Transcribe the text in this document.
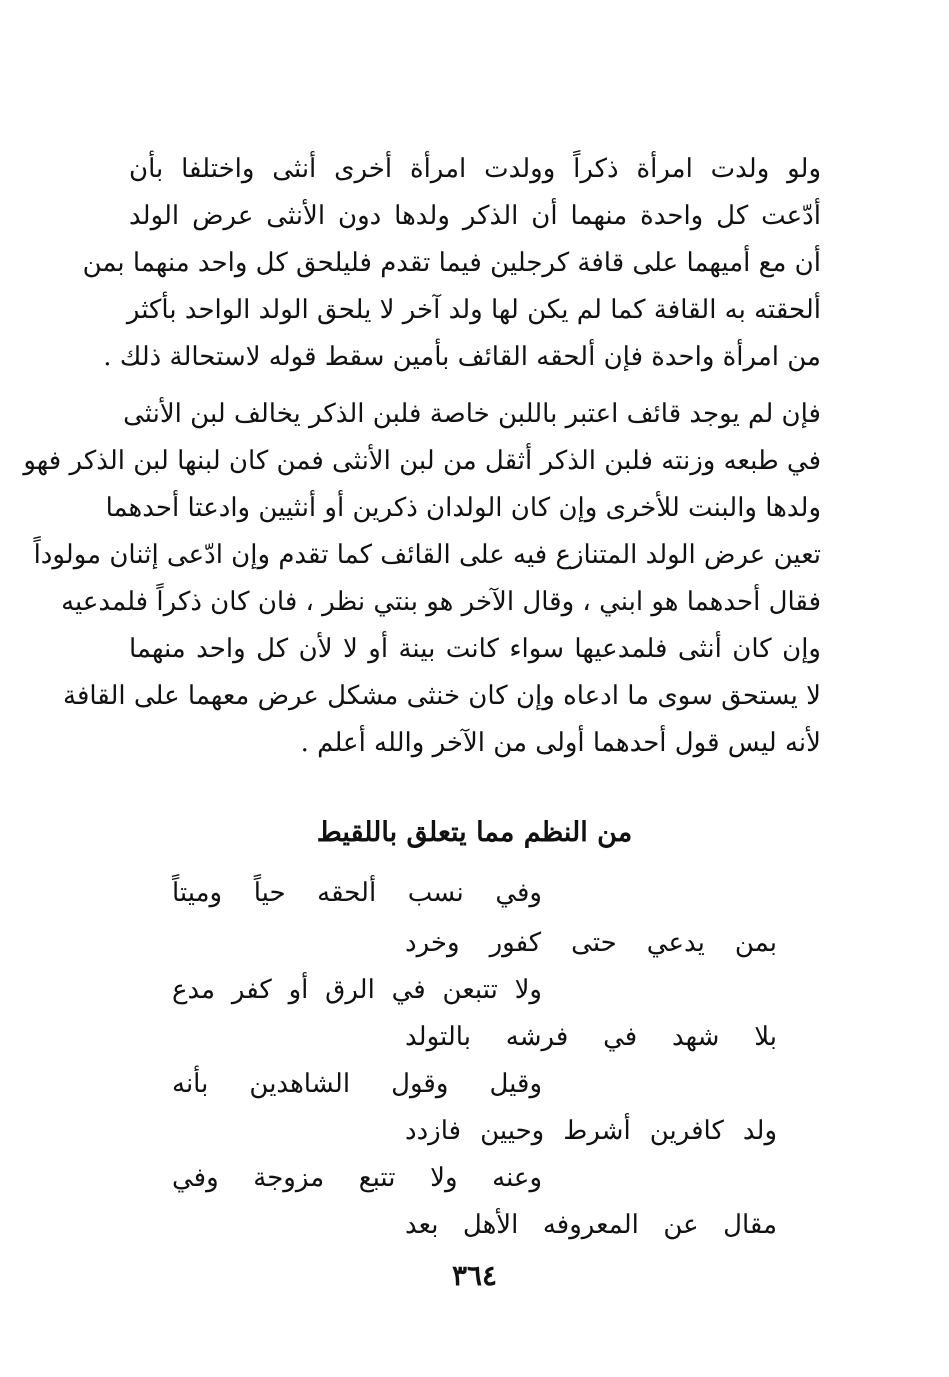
ولو ولدت امرأة ذكراً وولدت امرأة أخرى أنثى واختلفا بأن
أدّعت كل واحدة منهما أن الذكر ولدها دون الأنثى عرض الولد
أن مع أميهما على قافة كرجلين فيما تقدم فليلحق كل واحد منهما بمن
ألحقته به القافة كما لم يكن لها ولد آخر لا يلحق الولد الواحد بأكثر
من امرأة واحدة فإن ألحقه القائف بأمين سقط قوله لاستحالة ذلك .
فإن لم يوجد قائف اعتبر باللبن خاصة فلبن الذكر يخالف لبن الأنثى
في طبعه وزنته فلبن الذكر أثقل من لبن الأنثى فمن كان لبنها لبن الذكر فهو
ولدها والبنت للأخرى وإن كان الولدان ذكرين أو أنثيين وادعتا أحدهما
تعين عرض الولد المتنازع فيه على القائف كما تقدم وإن ادّعى إثنان مولوداً
فقال أحدهما هو ابني ، وقال الآخر هو بنتي نظر ، فان كان ذكراً فلمدعيه
وإن كان أنثى فلمدعيها سواء كانت بينة أو لا لأن كل واحد منهما
لا يستحق سوى ما ادعاه وإن كان خنثى مشكل عرض معهما على القافة
لأنه ليس قول أحدهما أولى من الآخر والله أعلم .
من النظم مما يتعلق باللقيط
وفي نسب ألحقه حياً وميتاً
بمن يدعي حتى كفور وخرد
ولا تتبعن في الرق أو كفر مدع
بلا شهد في فرشه بالتولد
وقيل وقول الشاهدين بأنه
ولد كافرين أشرط وحيين فازدد
وعنه ولا تتبع مزوجة وفي
مقال عن المعروفه الأهل بعد
٣٦٤
